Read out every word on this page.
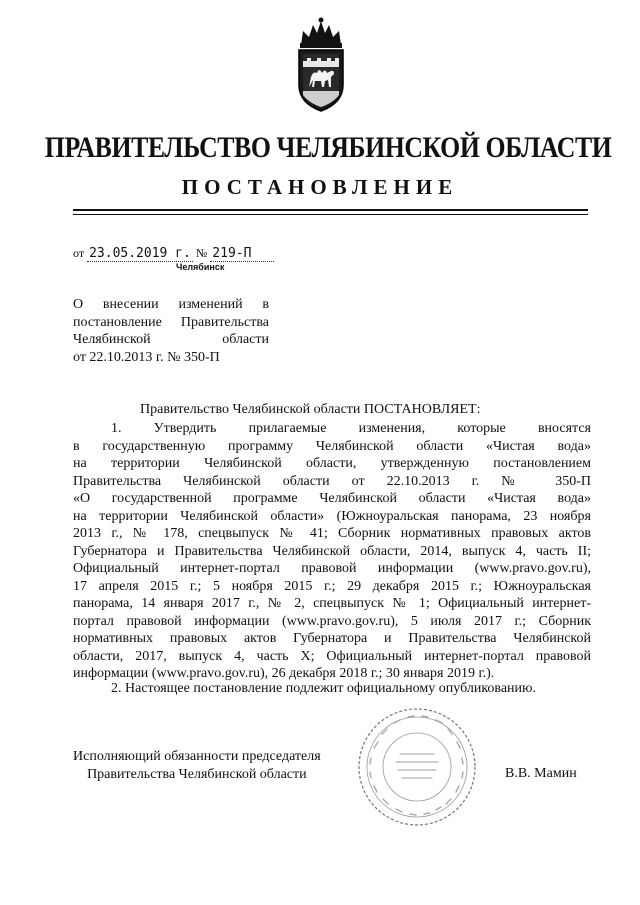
ПРАВИТЕЛЬСТВО ЧЕЛЯБИНСКОЙ ОБЛАСТИ
ПОСТАНОВЛЕНИЕ
от 23.05.2019 г. № 219-П
Челябинск
О внесении изменений в
постановление Правительства
Челябинской области
от 22.10.2013 г. № 350-П
Правительство Челябинской области ПОСТАНОВЛЯЕТ:
1. Утвердить прилагаемые изменения, которые вносятся
в государственную программу Челябинской области «Чистая вода»
на территории Челябинской области, утвержденную постановлением
Правительства Челябинской области от 22.10.2013 г. № 350-П
«О государственной программе Челябинской области «Чистая вода»
на территории Челябинской области» (Южноуральская панорама, 23 ноября
2013 г., № 178, спецвыпуск № 41; Сборник нормативных правовых актов
Губернатора и Правительства Челябинской области, 2014, выпуск 4, часть II;
Официальный интернет-портал правовой информации (www.pravo.gov.ru),
17 апреля 2015 г.; 5 ноября 2015 г.; 29 декабря 2015 г.; Южноуральская
панорама, 14 января 2017 г., № 2, спецвыпуск № 1; Официальный интернет-
портал правовой информации (www.pravo.gov.ru), 5 июля 2017 г.; Сборник
нормативных правовых актов Губернатора и Правительства Челябинской
области, 2017, выпуск 4, часть X; Официальный интернет-портал правовой
информации (www.pravo.gov.ru), 26 декабря 2018 г.; 30 января 2019 г.).
2. Настоящее постановление подлежит официальному опубликованию.
Исполняющий обязанности председателя
Правительства Челябинской области	В.В. Мамин
